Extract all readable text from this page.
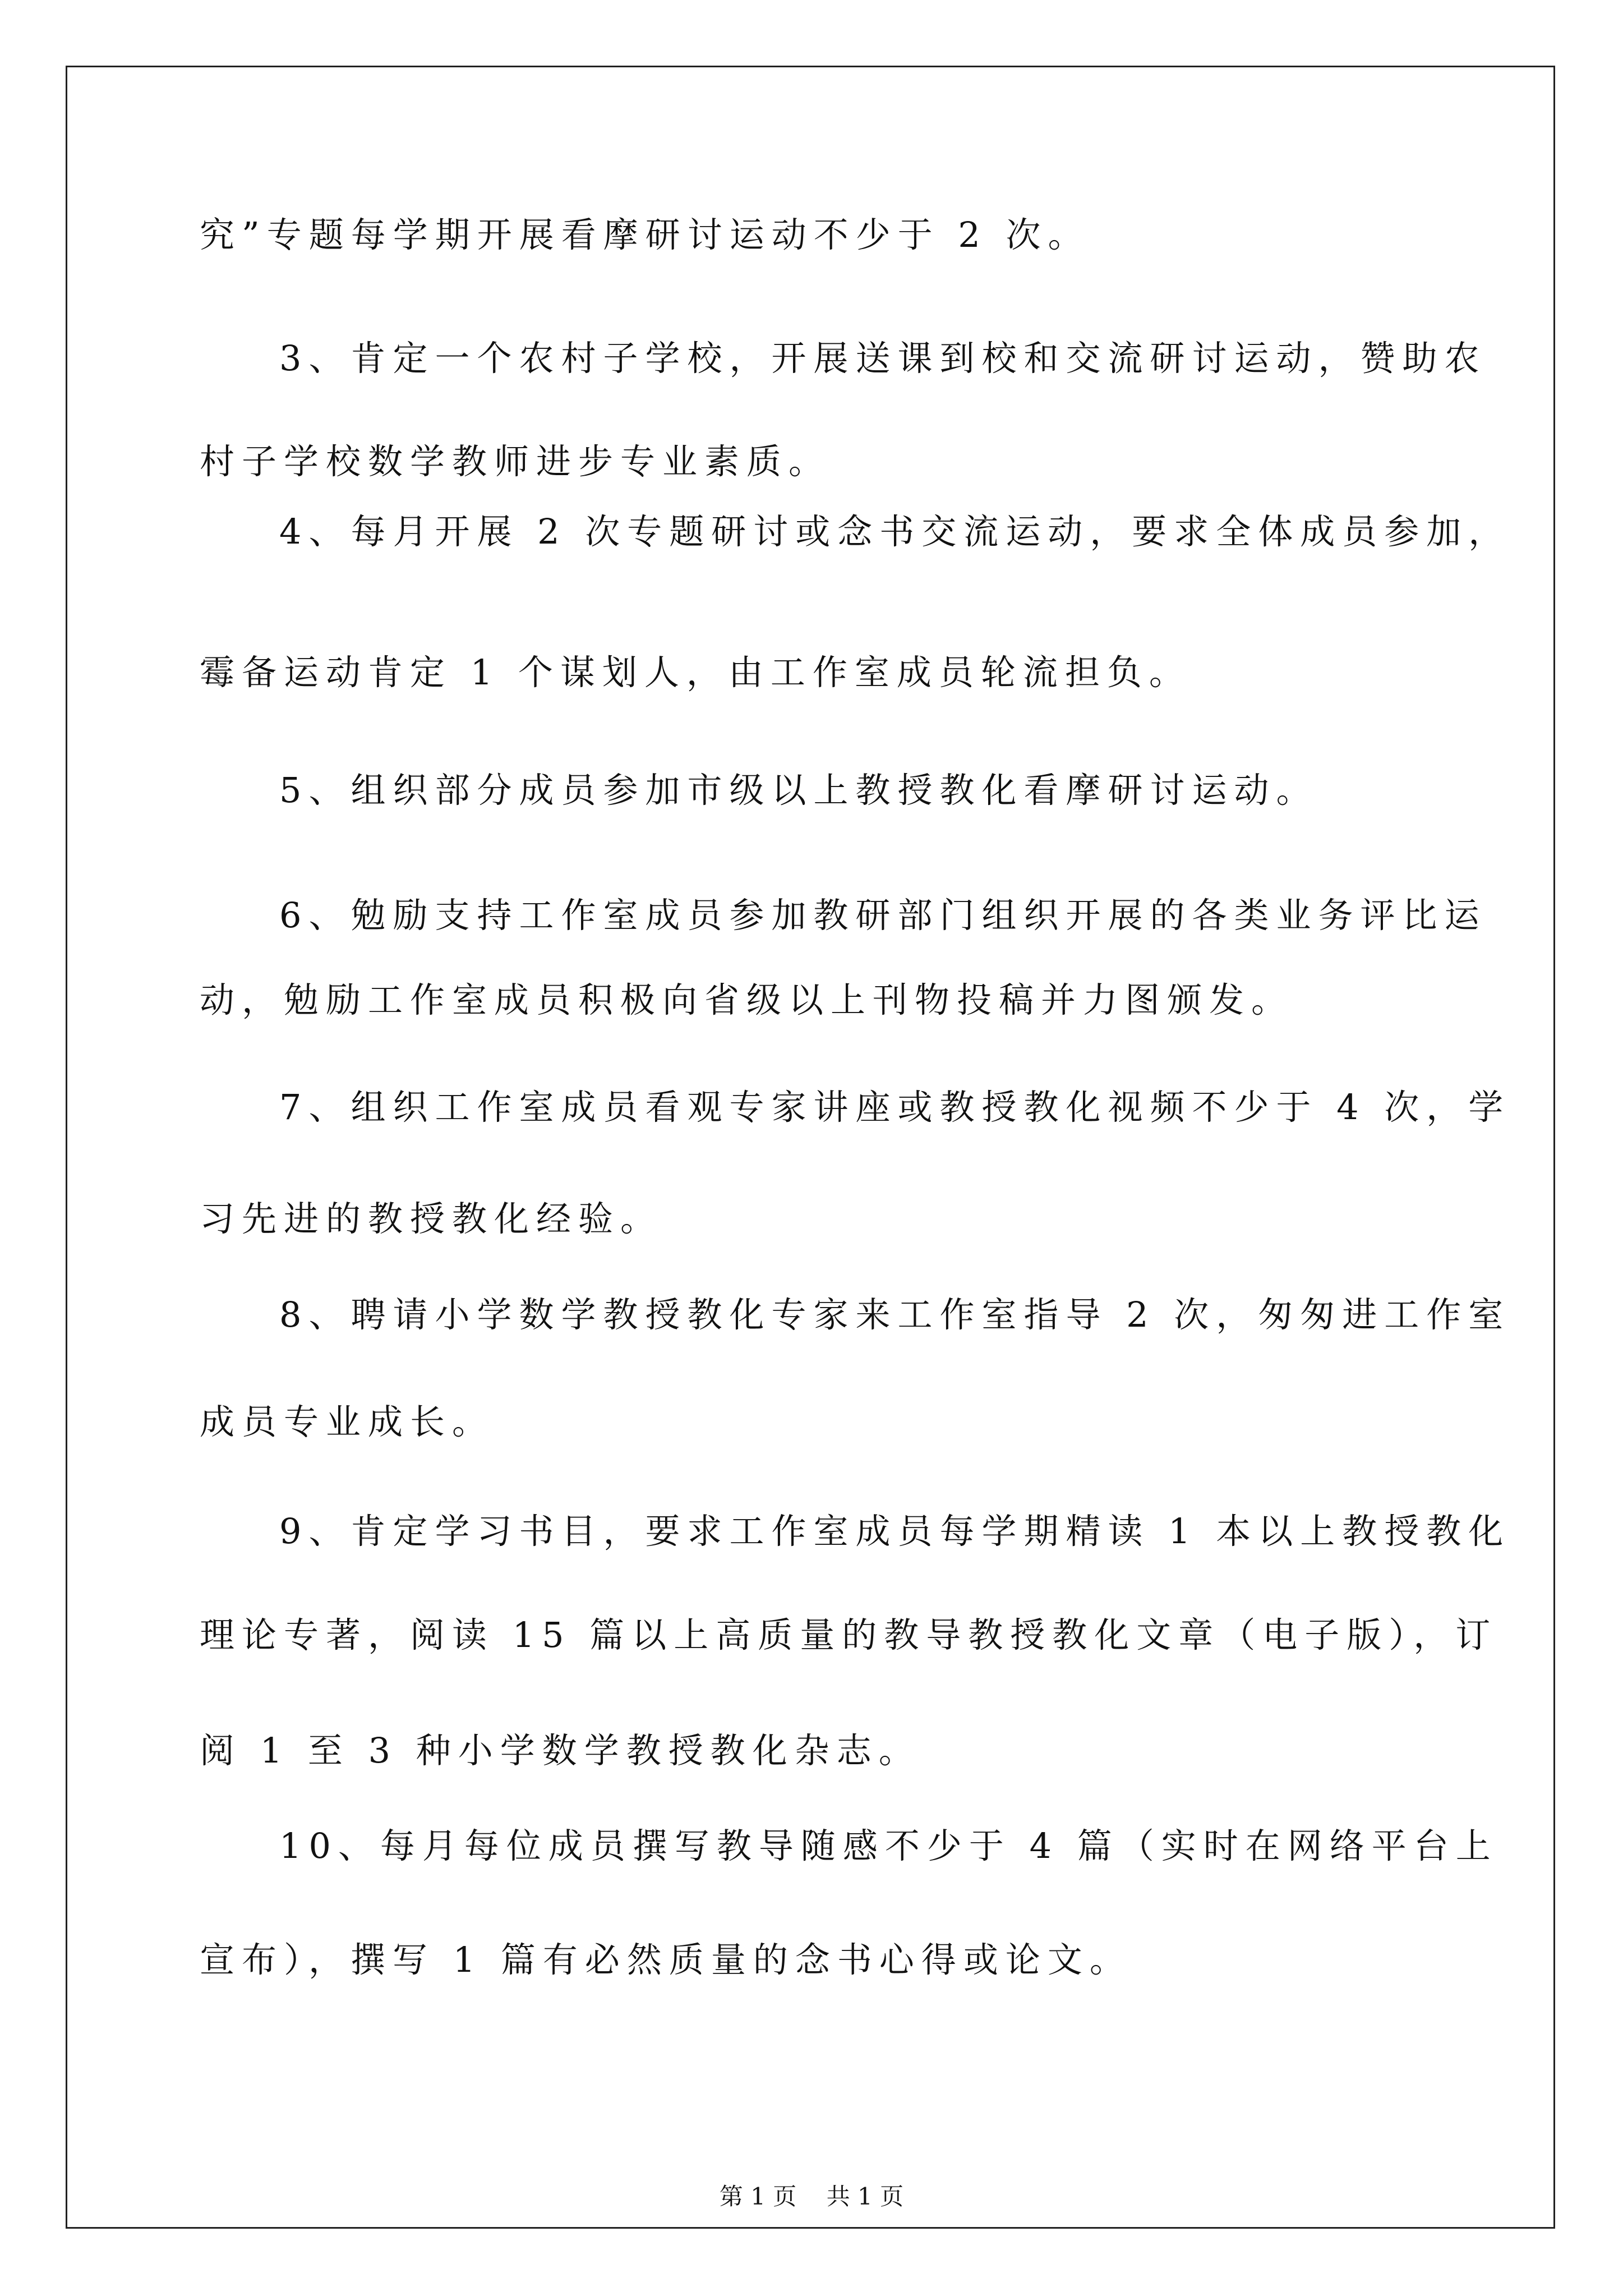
究”专题每学期开展看摩研讨运动不少于 2 次。
3、肯定一个农村子学校，开展送课到校和交流研讨运动，赞助农
村子学校数学教师进步专业素质。
4、每月开展 2 次专题研讨或念书交流运动，要求全体成员参加，
霉备运动肯定 1 个谋划人，由工作室成员轮流担负。
5、组织部分成员参加市级以上教授教化看摩研讨运动。
6、勉励支持工作室成员参加教研部门组织开展的各类业务评比运
动，勉励工作室成员积极向省级以上刊物投稿并力图颁发。
7、组织工作室成员看观专家讲座或教授教化视频不少于 4 次，学
习先进的教授教化经验。
8、聘请小学数学教授教化专家来工作室指导 2 次，匆匆进工作室
成员专业成长。
9、肯定学习书目，要求工作室成员每学期精读 1 本以上教授教化
理论专著，阅读 15 篇以上高质量的教导教授教化文章（电子版），订
阅 1 至 3 种小学数学教授教化杂志。
10、每月每位成员撰写教导随感不少于 4 篇（实时在网络平台上
宣布），撰写 1 篇有必然质量的念书心得或论文。
第 1 页    共 1 页
